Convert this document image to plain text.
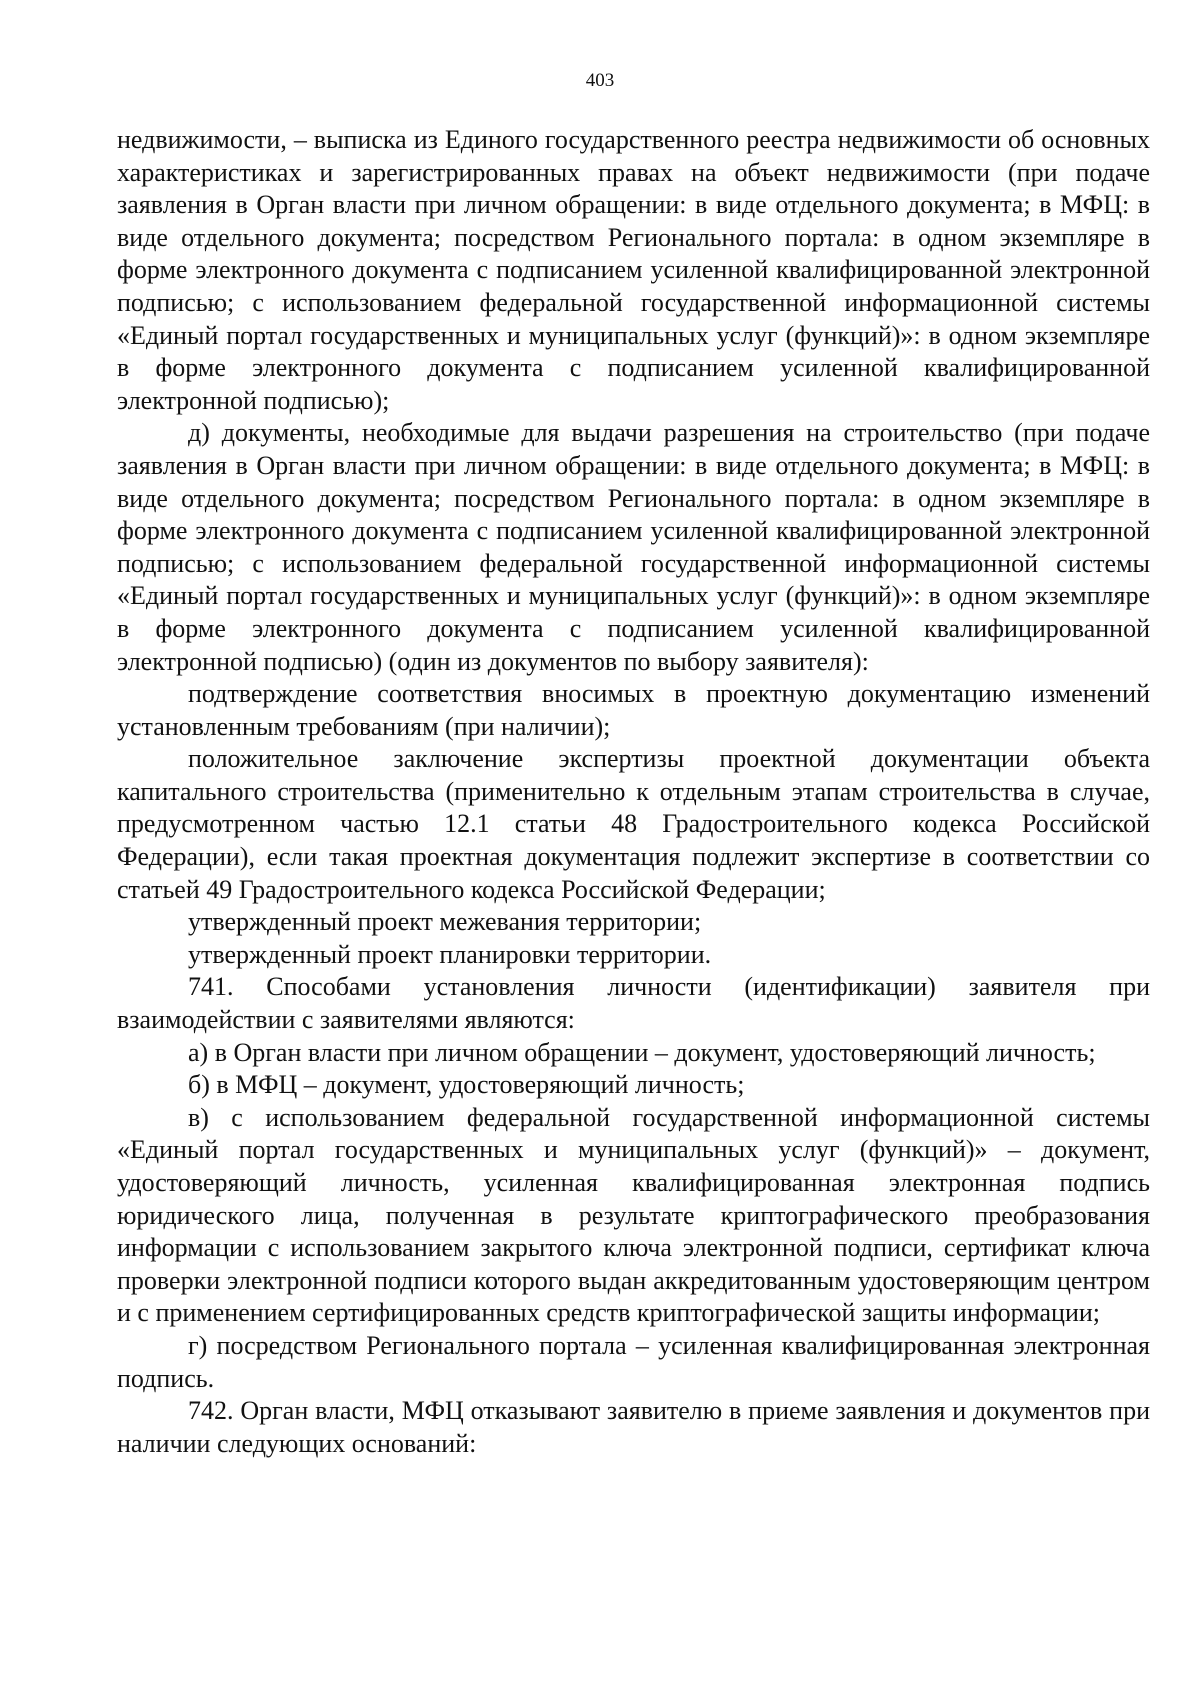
403

недвижимости, – выписка из Единого государственного реестра недвижимости об основных характеристиках и зарегистрированных правах на объект недвижимости (при подаче заявления в Орган власти при личном обращении: в виде отдельного документа; в МФЦ: в виде отдельного документа; посредством Регионального портала: в одном экземпляре в форме электронного документа с подписанием усиленной квалифицированной электронной подписью; с использованием федеральной государственной информационной системы «Единый портал государственных и муниципальных услуг (функций)»: в одном экземпляре в форме электронного документа с подписанием усиленной квалифицированной электронной подписью);

д) документы, необходимые для выдачи разрешения на строительство (при подаче заявления в Орган власти при личном обращении: в виде отдельного документа; в МФЦ: в виде отдельного документа; посредством Регионального портала: в одном экземпляре в форме электронного документа с подписанием усиленной квалифицированной электронной подписью; с использованием федеральной государственной информационной системы «Единый портал государственных и муниципальных услуг (функций)»: в одном экземпляре в форме электронного документа с подписанием усиленной квалифицированной электронной подписью) (один из документов по выбору заявителя):

подтверждение соответствия вносимых в проектную документацию изменений установленным требованиям (при наличии);

положительное заключение экспертизы проектной документации объекта капитального строительства (применительно к отдельным этапам строительства в случае, предусмотренном частью 12.1 статьи 48 Градостроительного кодекса Российской Федерации), если такая проектная документация подлежит экспертизе в соответствии со статьей 49 Градостроительного кодекса Российской Федерации;

утвержденный проект межевания территории;

утвержденный проект планировки территории.

741. Способами установления личности (идентификации) заявителя при взаимодействии с заявителями являются:

а) в Орган власти при личном обращении – документ, удостоверяющий личность;

б) в МФЦ – документ, удостоверяющий личность;

в) с использованием федеральной государственной информационной системы «Единый портал государственных и муниципальных услуг (функций)» – документ, удостоверяющий личность, усиленная квалифицированная электронная подпись юридического лица, полученная в результате криптографического преобразования информации с использованием закрытого ключа электронной подписи, сертификат ключа проверки электронной подписи которого выдан аккредитованным удостоверяющим центром и с применением сертифицированных средств криптографической защиты информации;

г) посредством Регионального портала – усиленная квалифицированная электронная подпись.

742. Орган власти, МФЦ отказывают заявителю в приеме заявления и документов при наличии следующих оснований:
